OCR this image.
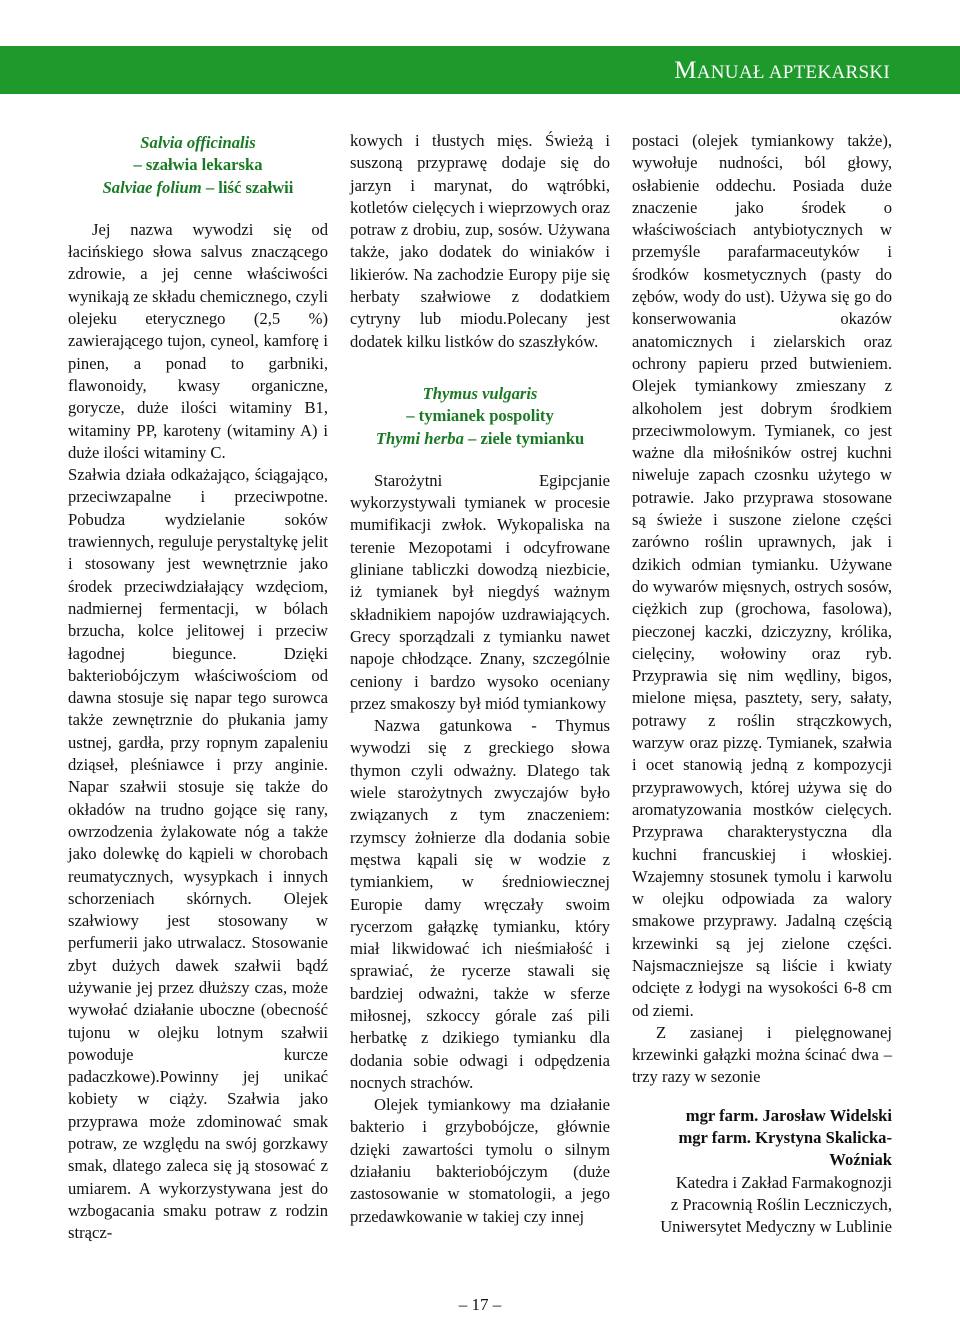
MANUAŁ APTEKARSKI
Salvia officinalis
– szałwia lekarska
Salviae folium – liść szałwii

Jej nazwa wywodzi się od łacińskiego słowa salvus znaczącego zdrowie, a jej cenne właściwości wynikają ze składu chemicznego, czyli olejeku eterycznego (2,5 %) zawierającego tujon, cyneol, kamforę i pinen, a ponad to garbniki, flawonoidy, kwasy organiczne, gorycze, duże ilości witaminy B1, witaminy PP, karoteny (witaminy A) i duże ilości witaminy C.

Szałwia działa odkażająco, ściągająco, przeciwzapalne i przeciwpotne. Pobudza wydzielanie soków trawiennych, reguluje perystaltykę jelit i stosowany jest wewnętrznie jako środek przeciwdziałający wzdęciom, nadmiernej fermentacji, w bólach brzucha, kolce jelitowej i przeciw łagodnej biegunce. Dzięki bakteriobójczym właściwościom od dawna stosuje się napar tego surowca także zewnętrznie do płukania jamy ustnej, gardła, przy ropnym zapaleniu dziąseł, pleśniawce i przy anginie. Napar szałwii stosuje się także do okładów na trudno gojące się rany, owrzodzenia żylakowate nóg a także jako dolewkę do kąpieli w chorobach reumatycznych, wysypkach i innych schorzeniach skórnych. Olejek szałwiowy jest stosowany w perfumerii jako utrwalacz. Stosowanie zbyt dużych dawek szałwii bądź używanie jej przez dłuższy czas, może wywołać działanie uboczne (obecność tujonu w olejku lotnym szałwii powoduje kurcze padaczkowe).Powinny jej unikać kobiety w ciąży. Szałwia jako przyprawa może zdominować smak potraw, ze względu na swój gorzkawy smak, dlatego zaleca się ją stosować z umiarem. A wykorzystywana jest do wzbogacania smaku potraw z rodzin strącz-

kowych i tłustych mięs. Świeżą i suszoną przyprawę dodaje się do jarzyn i marynat, do wątróbki, kotletów cielęcych i wieprzowych oraz potraw z drobiu, zup, sosów. Używana także, jako dodatek do winiaków i likierów. Na zachodzie Europy pije się herbaty szałwiowe z dodatkiem cytryny lub miodu.Polecany jest dodatek kilku listków do szaszłyków.

Thymus vulgaris
– tymianek pospolity
Thymi herba – ziele tymianku

Starożytni Egipcjanie wykorzystywali tymianek w procesie mumifikacji zwłok. Wykopaliska na terenie Mezopotami i odcyfrowane gliniane tabliczki dowodzą niezbicie, iż tymianek był niegdyś ważnym składnikiem napojów uzdrawiających. Grecy sporządzali z tymianku nawet napoje chłodzące. Znany, szczególnie ceniony i bardzo wysoko oceniany przez smakoszy był miód tymiankowy

Nazwa gatunkowa - Thymus wywodzi się z greckiego słowa thymon czyli odważny. Dlatego tak wiele starożytnych zwyczajów było związanych z tym znaczeniem: rzymscy żołnierze dla dodania sobie męstwa kąpali się w wodzie z tymiankiem, w średniowiecznej Europie damy wręczały swoim rycerzom gałązkę tymianku, który miał likwidować ich nieśmiałość i sprawiać, że rycerze stawali się bardziej odważni, także w sferze miłosnej, szkoccy górale zaś pili herbatkę z dzikiego tymianku dla dodania sobie odwagi i odpędzenia nocnych strachów.

Olejek tymiankowy ma działanie bakterio i grzybobójcze, głównie dzięki zawartości tymolu o silnym działaniu bakteriobójczym (duże zastosowanie w stomatologii, a jego przedawkowanie w takiej czy innej

postaci (olejek tymiankowy także), wywołuje nudności, ból głowy, osłabienie oddechu. Posiada duże znaczenie jako środek o właściwościach antybiotycznych w przemyśle parafarmaceutyków i środków kosmetycznych (pasty do zębów, wody do ust). Używa się go do konserwowania okazów anatomicznych i zielarskich oraz ochrony papieru przed butwieniem. Olejek tymiankowy zmieszany z alkoholem jest dobrym środkiem przeciwmolowym. Tymianek, co jest ważne dla miłośników ostrej kuchni niweluje zapach czosnku użytego w potrawie. Jako przyprawa stosowane są świeże i suszone zielone części zarówno roślin uprawnych, jak i dzikich odmian tymianku. Używane do wywarów mięsnych, ostrych sosów, ciężkich zup (grochowa, fasolowa), pieczonej kaczki, dziczyzny, królika, cielęciny, wołowiny oraz ryb. Przyprawia się nim wędliny, bigos, mielone mięsa, pasztety, sery, sałaty, potrawy z roślin strączkowych, warzyw oraz pizzę. Tymianek, szałwia i ocet stanowią jedną z kompozycji przyprawowych, której używa się do aromatyzowania mostków cielęcych. Przyprawa charakterystyczna dla kuchni francuskiej i włoskiej. Wzajemny stosunek tymolu i karwolu w olejku odpowiada za walory smakowe przyprawy. Jadalną częścią krzewinki są jej zielone części. Najsmaczniejsze są liście i kwiaty odcięte z łodygi na wysokości 6-8 cm od ziemi.

Z zasianej i pielęgnowanej krzewinki gałązki można ścinać dwa – trzy razy w sezonie

mgr farm. Jarosław Widelski
mgr farm. Krystyna Skalicka-Woźniak
Katedra i Zakład Farmakognozji
z Pracownią Roślin Leczniczych,
Uniwersytet Medyczny w Lublinie
– 17 –
